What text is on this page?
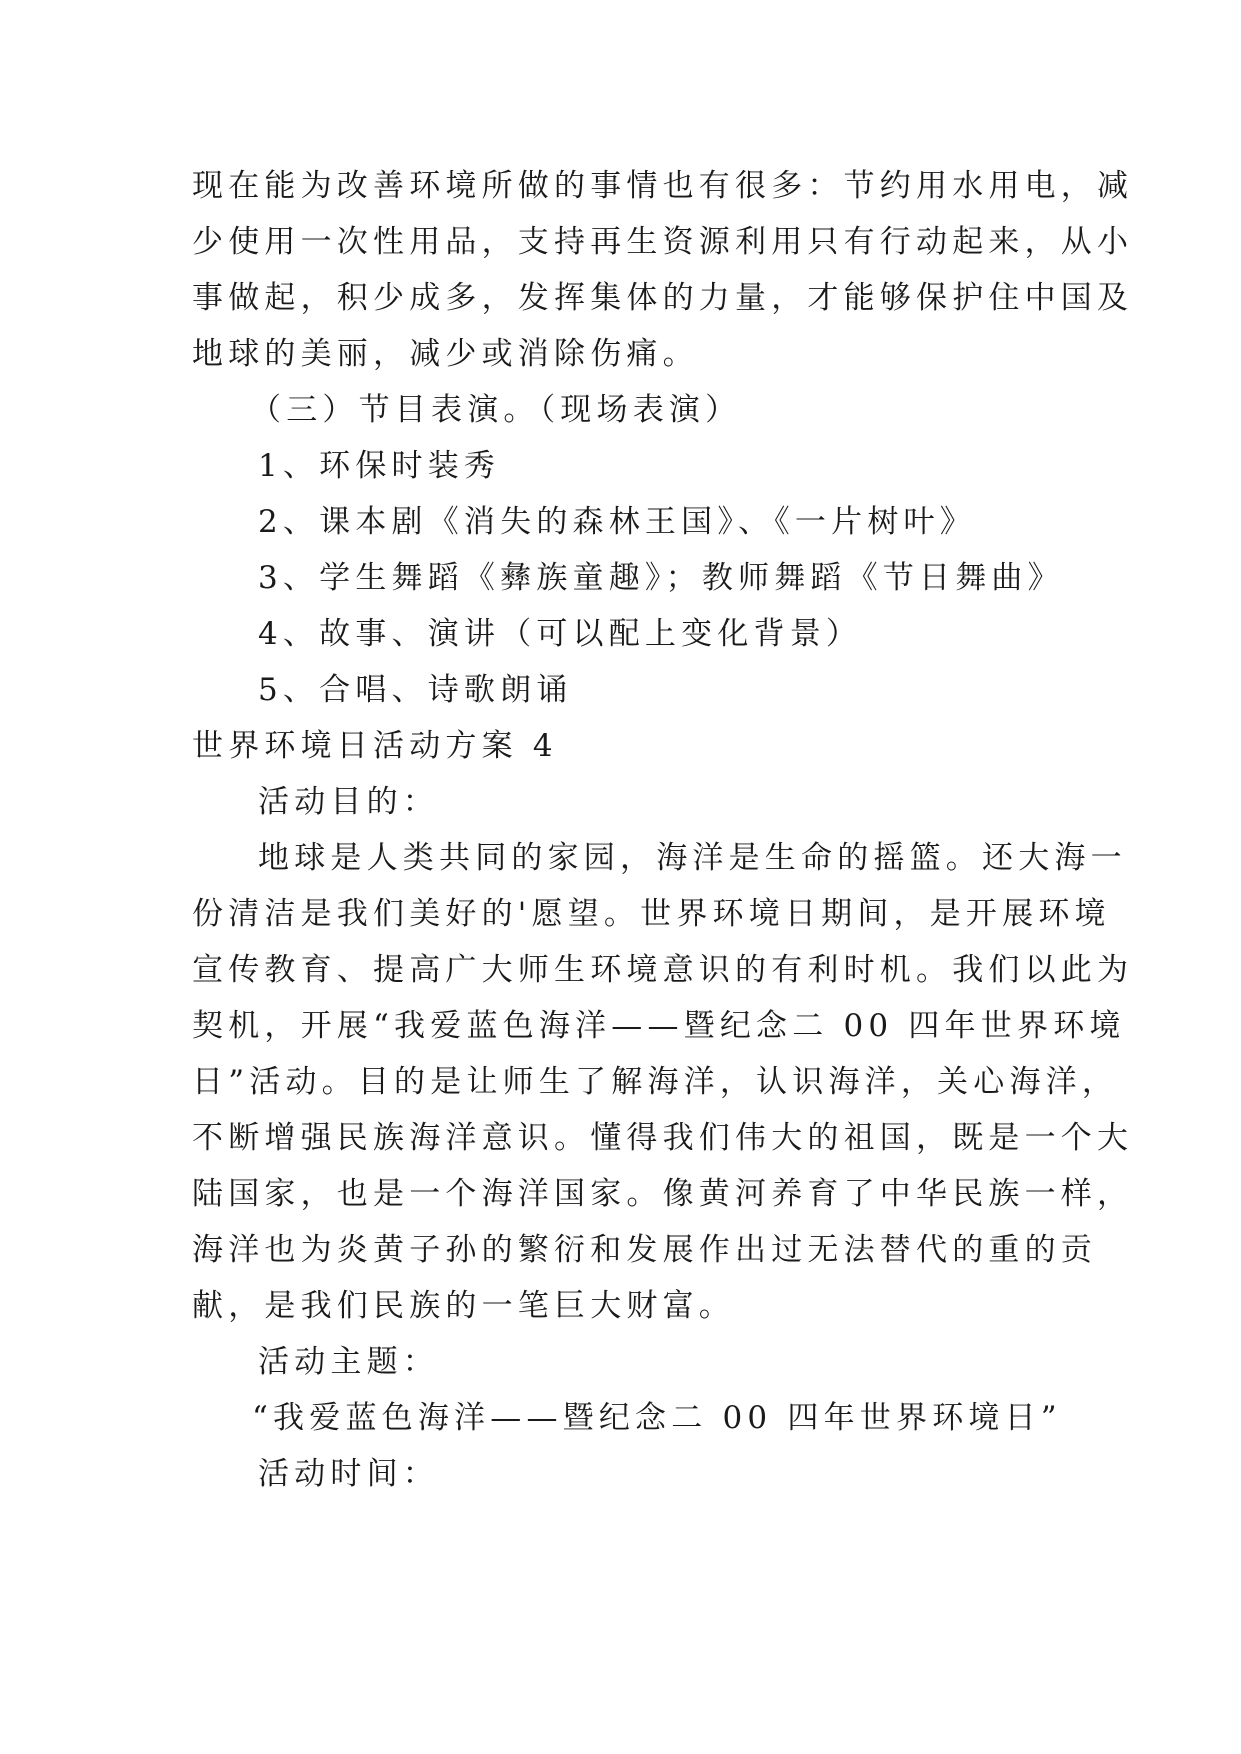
现在能为改善环境所做的事情也有很多：节约用水用电，减

少使用一次性用品，支持再生资源利用只有行动起来，从小

事做起，积少成多，发挥集体的力量，才能够保护住中国及

地球的美丽，减少或消除伤痛。

（三）节目表演。（现场表演）

1、环保时装秀

2、课本剧《消失的森林王国》、《一片树叶》

3、学生舞蹈《彝族童趣》；教师舞蹈《节日舞曲》

4、故事、演讲（可以配上变化背景）

5、合唱、诗歌朗诵

世界环境日活动方案 4

活动目的：

地球是人类共同的家园，海洋是生命的摇篮。还大海一

份清洁是我们美好的'愿望。世界环境日期间，是开展环境

宣传教育、提高广大师生环境意识的有利时机。我们以此为

契机，开展“我爱蓝色海洋——暨纪念二 00 四年世界环境

日”活动。目的是让师生了解海洋，认识海洋，关心海洋，

不断增强民族海洋意识。懂得我们伟大的祖国，既是一个大

陆国家，也是一个海洋国家。像黄河养育了中华民族一样，

海洋也为炎黄子孙的繁衍和发展作出过无法替代的重的贡

献，是我们民族的一笔巨大财富。

活动主题：

“我爱蓝色海洋——暨纪念二 00 四年世界环境日”

活动时间：
